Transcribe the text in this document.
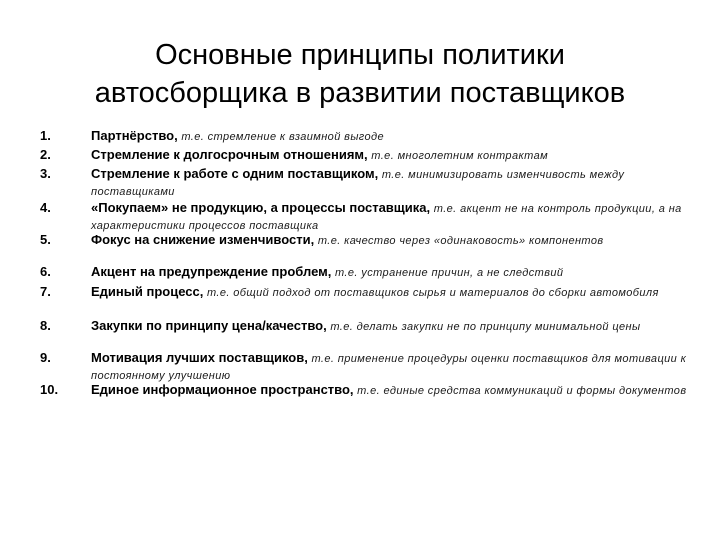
Основные принципы политики
автосборщика в развитии поставщиков
1.	Партнёрство, т.е. стремление к взаимной выгоде
2.	Стремление к долгосрочным отношениям, т.е. многолетним контрактам
3.	Стремление к работе с одним поставщиком, т.е. минимизировать изменчивость между поставщиками
4.	«Покупаем» не продукцию, а процессы поставщика, т.е. акцент не на контроль продукции, а на характеристики процессов поставщика
5.	Фокус на снижение изменчивости, т.е. качество через «одинаковость» компонентов
6.	Акцент на предупреждение проблем, т.е. устранение причин, а не следствий
7.	Единый процесс, т.е. общий подход от поставщиков сырья и материалов до сборки автомобиля
8.	Закупки по принципу цена/качество, т.е. делать закупки не по принципу минимальной цены
9.	Мотивация лучших поставщиков, т.е. применение процедуры оценки поставщиков для мотивации к постоянному улучшению
10.	Единое информационное пространство, т.е. единые средства коммуникаций и формы документов
